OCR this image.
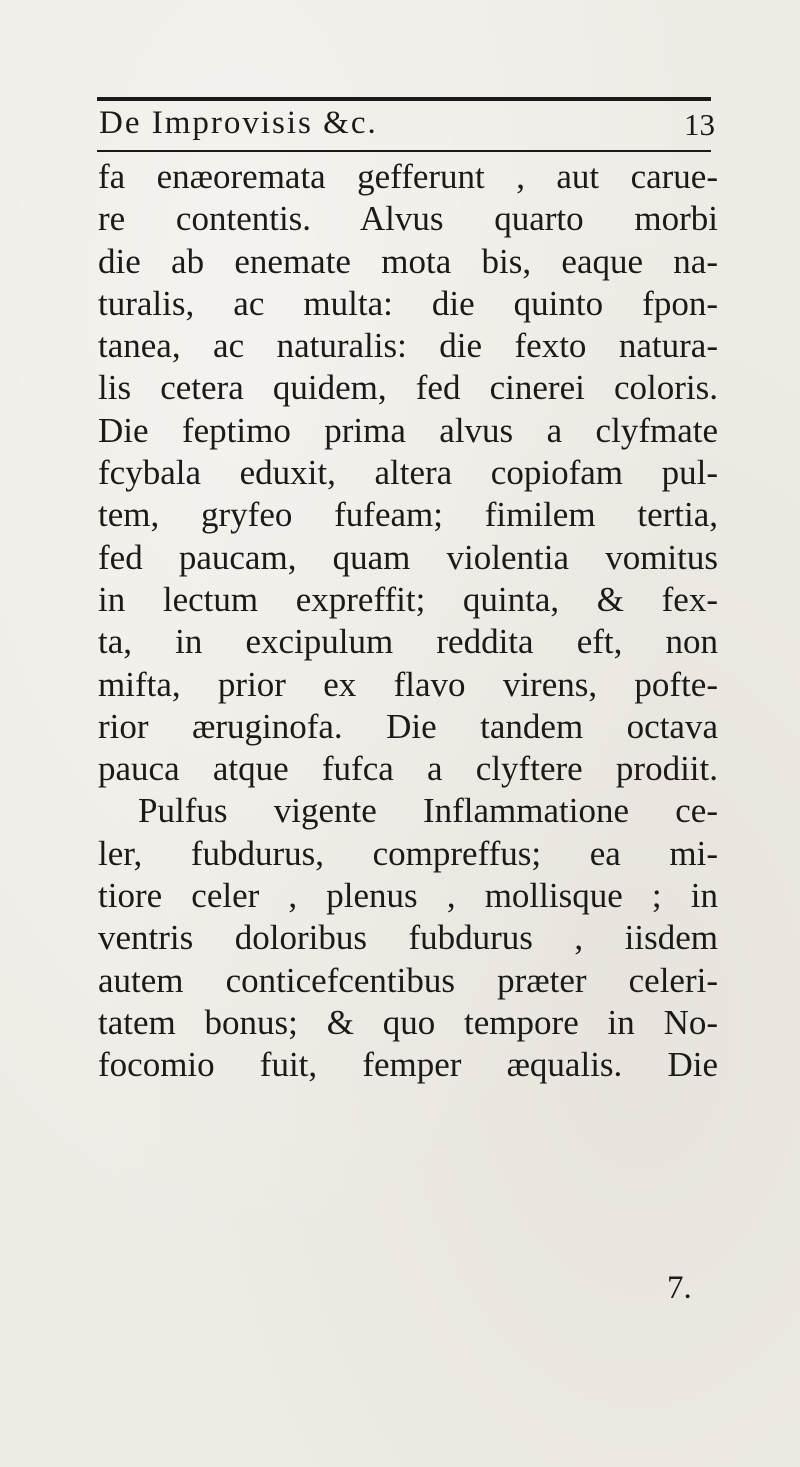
De Improvisis &c.	13
fa enæoremata gefferunt , aut carue-
re contentis. Alvus quarto morbi
die ab enemate mota bis, eaque na-
turalis, ac multa: die quinto fpon-
tanea, ac naturalis: die fexto natura-
lis cetera quidem, fed cinerei coloris.
Die feptimo prima alvus a clyfmate
fcybala eduxit, altera copiofam pul-
tem, gryfeo fufeam; fimilem tertia,
fed paucam, quam violentia vomitus
in lectum expreffit; quinta, & fex-
ta, in excipulum reddita eft, non
mifta, prior ex flavo virens, pofte-
rior æruginofa. Die tandem octava
pauca atque fufca a clyftere prodiit.
Pulfus vigente Inflammatione ce-
ler, fubdurus, compreffus; ea mi-
tiore celer , plenus , mollisque ; in
ventris doloribus fubdurus , iisdem
autem conticefcentibus præter celeri-
tatem bonus; & quo tempore in No-
focomio fuit, femper æqualis. Die
7.
